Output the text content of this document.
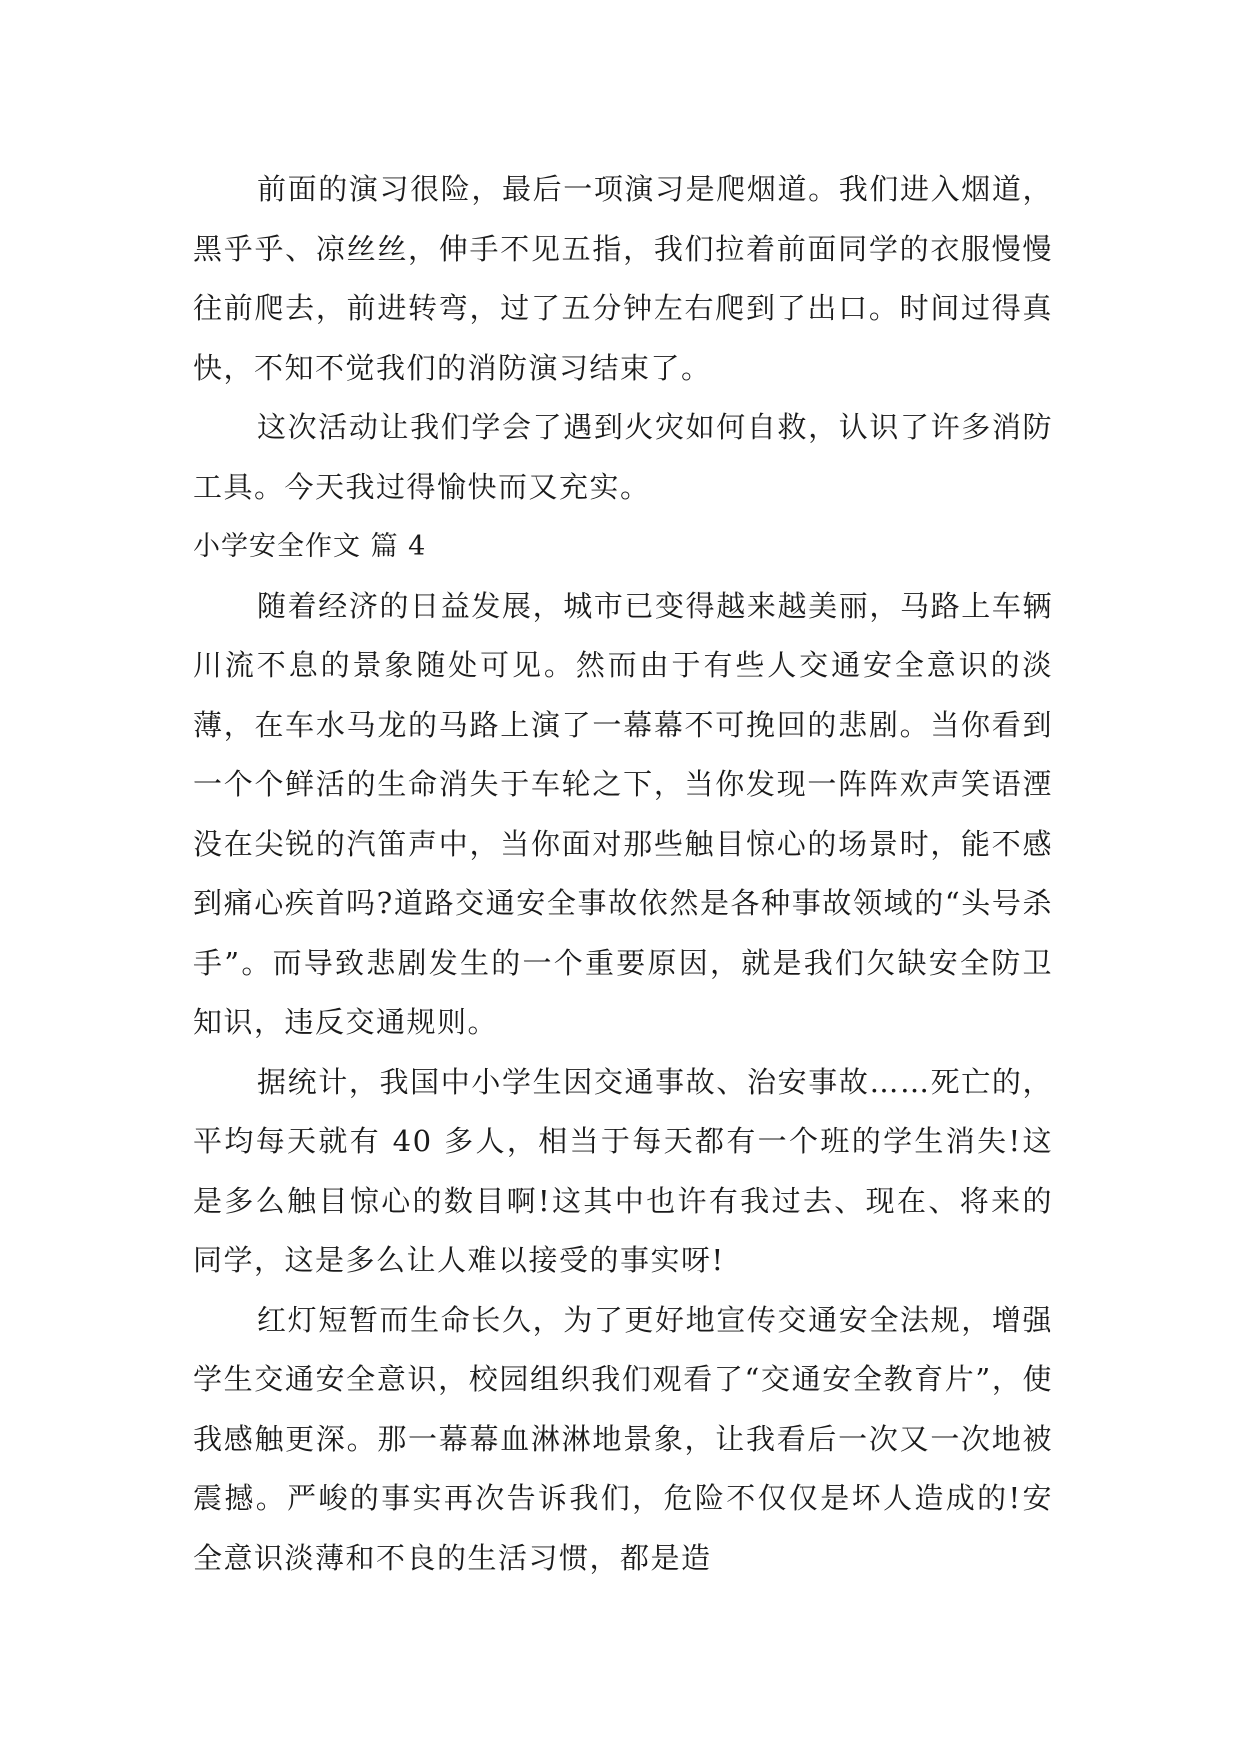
前面的演习很险，最后一项演习是爬烟道。我们进入烟道，黑乎乎、凉丝丝，伸手不见五指，我们拉着前面同学的衣服慢慢往前爬去，前进转弯，过了五分钟左右爬到了出口。时间过得真快，不知不觉我们的消防演习结束了。

这次活动让我们学会了遇到火灾如何自救，认识了许多消防工具。今天我过得愉快而又充实。

小学安全作文 篇 4

随着经济的日益发展，城市已变得越来越美丽，马路上车辆川流不息的景象随处可见。然而由于有些人交通安全意识的淡薄，在车水马龙的马路上演了一幕幕不可挽回的悲剧。当你看到一个个鲜活的生命消失于车轮之下，当你发现一阵阵欢声笑语湮没在尖锐的汽笛声中，当你面对那些触目惊心的场景时，能不感到痛心疾首吗?道路交通安全事故依然是各种事故领域的“头号杀手”。而导致悲剧发生的一个重要原因，就是我们欠缺安全防卫知识，违反交通规则。

据统计，我国中小学生因交通事故、治安事故……死亡的，平均每天就有 40 多人，相当于每天都有一个班的学生消失!这是多么触目惊心的数目啊!这其中也许有我过去、现在、将来的同学，这是多么让人难以接受的事实呀!

红灯短暂而生命长久，为了更好地宣传交通安全法规，增强学生交通安全意识，校园组织我们观看了“交通安全教育片”，使我感触更深。那一幕幕血淋淋地景象，让我看后一次又一次地被震撼。严峻的事实再次告诉我们，危险不仅仅是坏人造成的!安全意识淡薄和不良的生活习惯，都是造
